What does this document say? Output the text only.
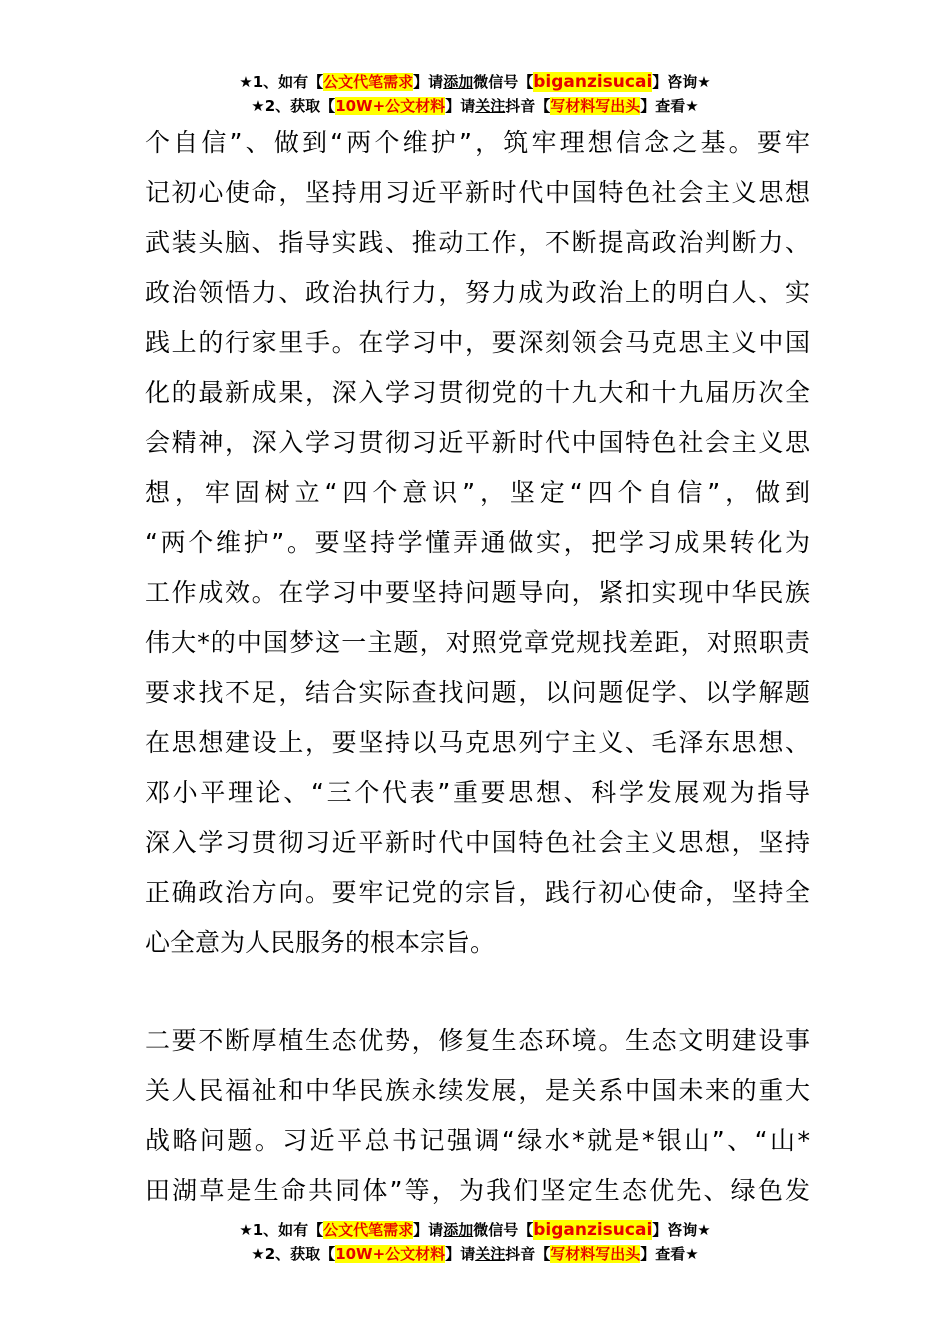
★1、如有【公文代笔需求】请添加微信号【biganzisucai】咨询★
★2、获取【10W+公文材料】请关注抖音【写材料写出头】查看★
个自信”、做到“两个维护”，筑牢理想信念之基。要牢
记初心使命，坚持用习近平新时代中国特色社会主义思想
武装头脑、指导实践、推动工作，不断提高政治判断力、
政治领悟力、政治执行力，努力成为政治上的明白人、实
践上的行家里手。在学习中，要深刻领会马克思主义中国
化的最新成果，深入学习贯彻党的十九大和十九届历次全
会精神，深入学习贯彻习近平新时代中国特色社会主义思
想，牢固树立“四个意识”，坚定“四个自信”，做到
“两个维护”。要坚持学懂弄通做实，把学习成果转化为
工作成效。在学习中要坚持问题导向，紧扣实现中华民族
伟大*的中国梦这一主题，对照党章党规找差距，对照职责
要求找不足，结合实际查找问题，以问题促学、以学解题
在思想建设上，要坚持以马克思列宁主义、毛泽东思想、
邓小平理论、“三个代表”重要思想、科学发展观为指导
深入学习贯彻习近平新时代中国特色社会主义思想，坚持
正确政治方向。要牢记党的宗旨，践行初心使命，坚持全
心全意为人民服务的根本宗旨。
二要不断厚植生态优势，修复生态环境。生态文明建设事
关人民福祉和中华民族永续发展，是关系中国未来的重大
战略问题。习近平总书记强调“绿水*就是*银山”、“山*
田湖草是生命共同体”等，为我们坚定生态优先、绿色发
★1、如有【公文代笔需求】请添加微信号【biganzisucai】咨询★
★2、获取【10W+公文材料】请关注抖音【写材料写出头】查看★
